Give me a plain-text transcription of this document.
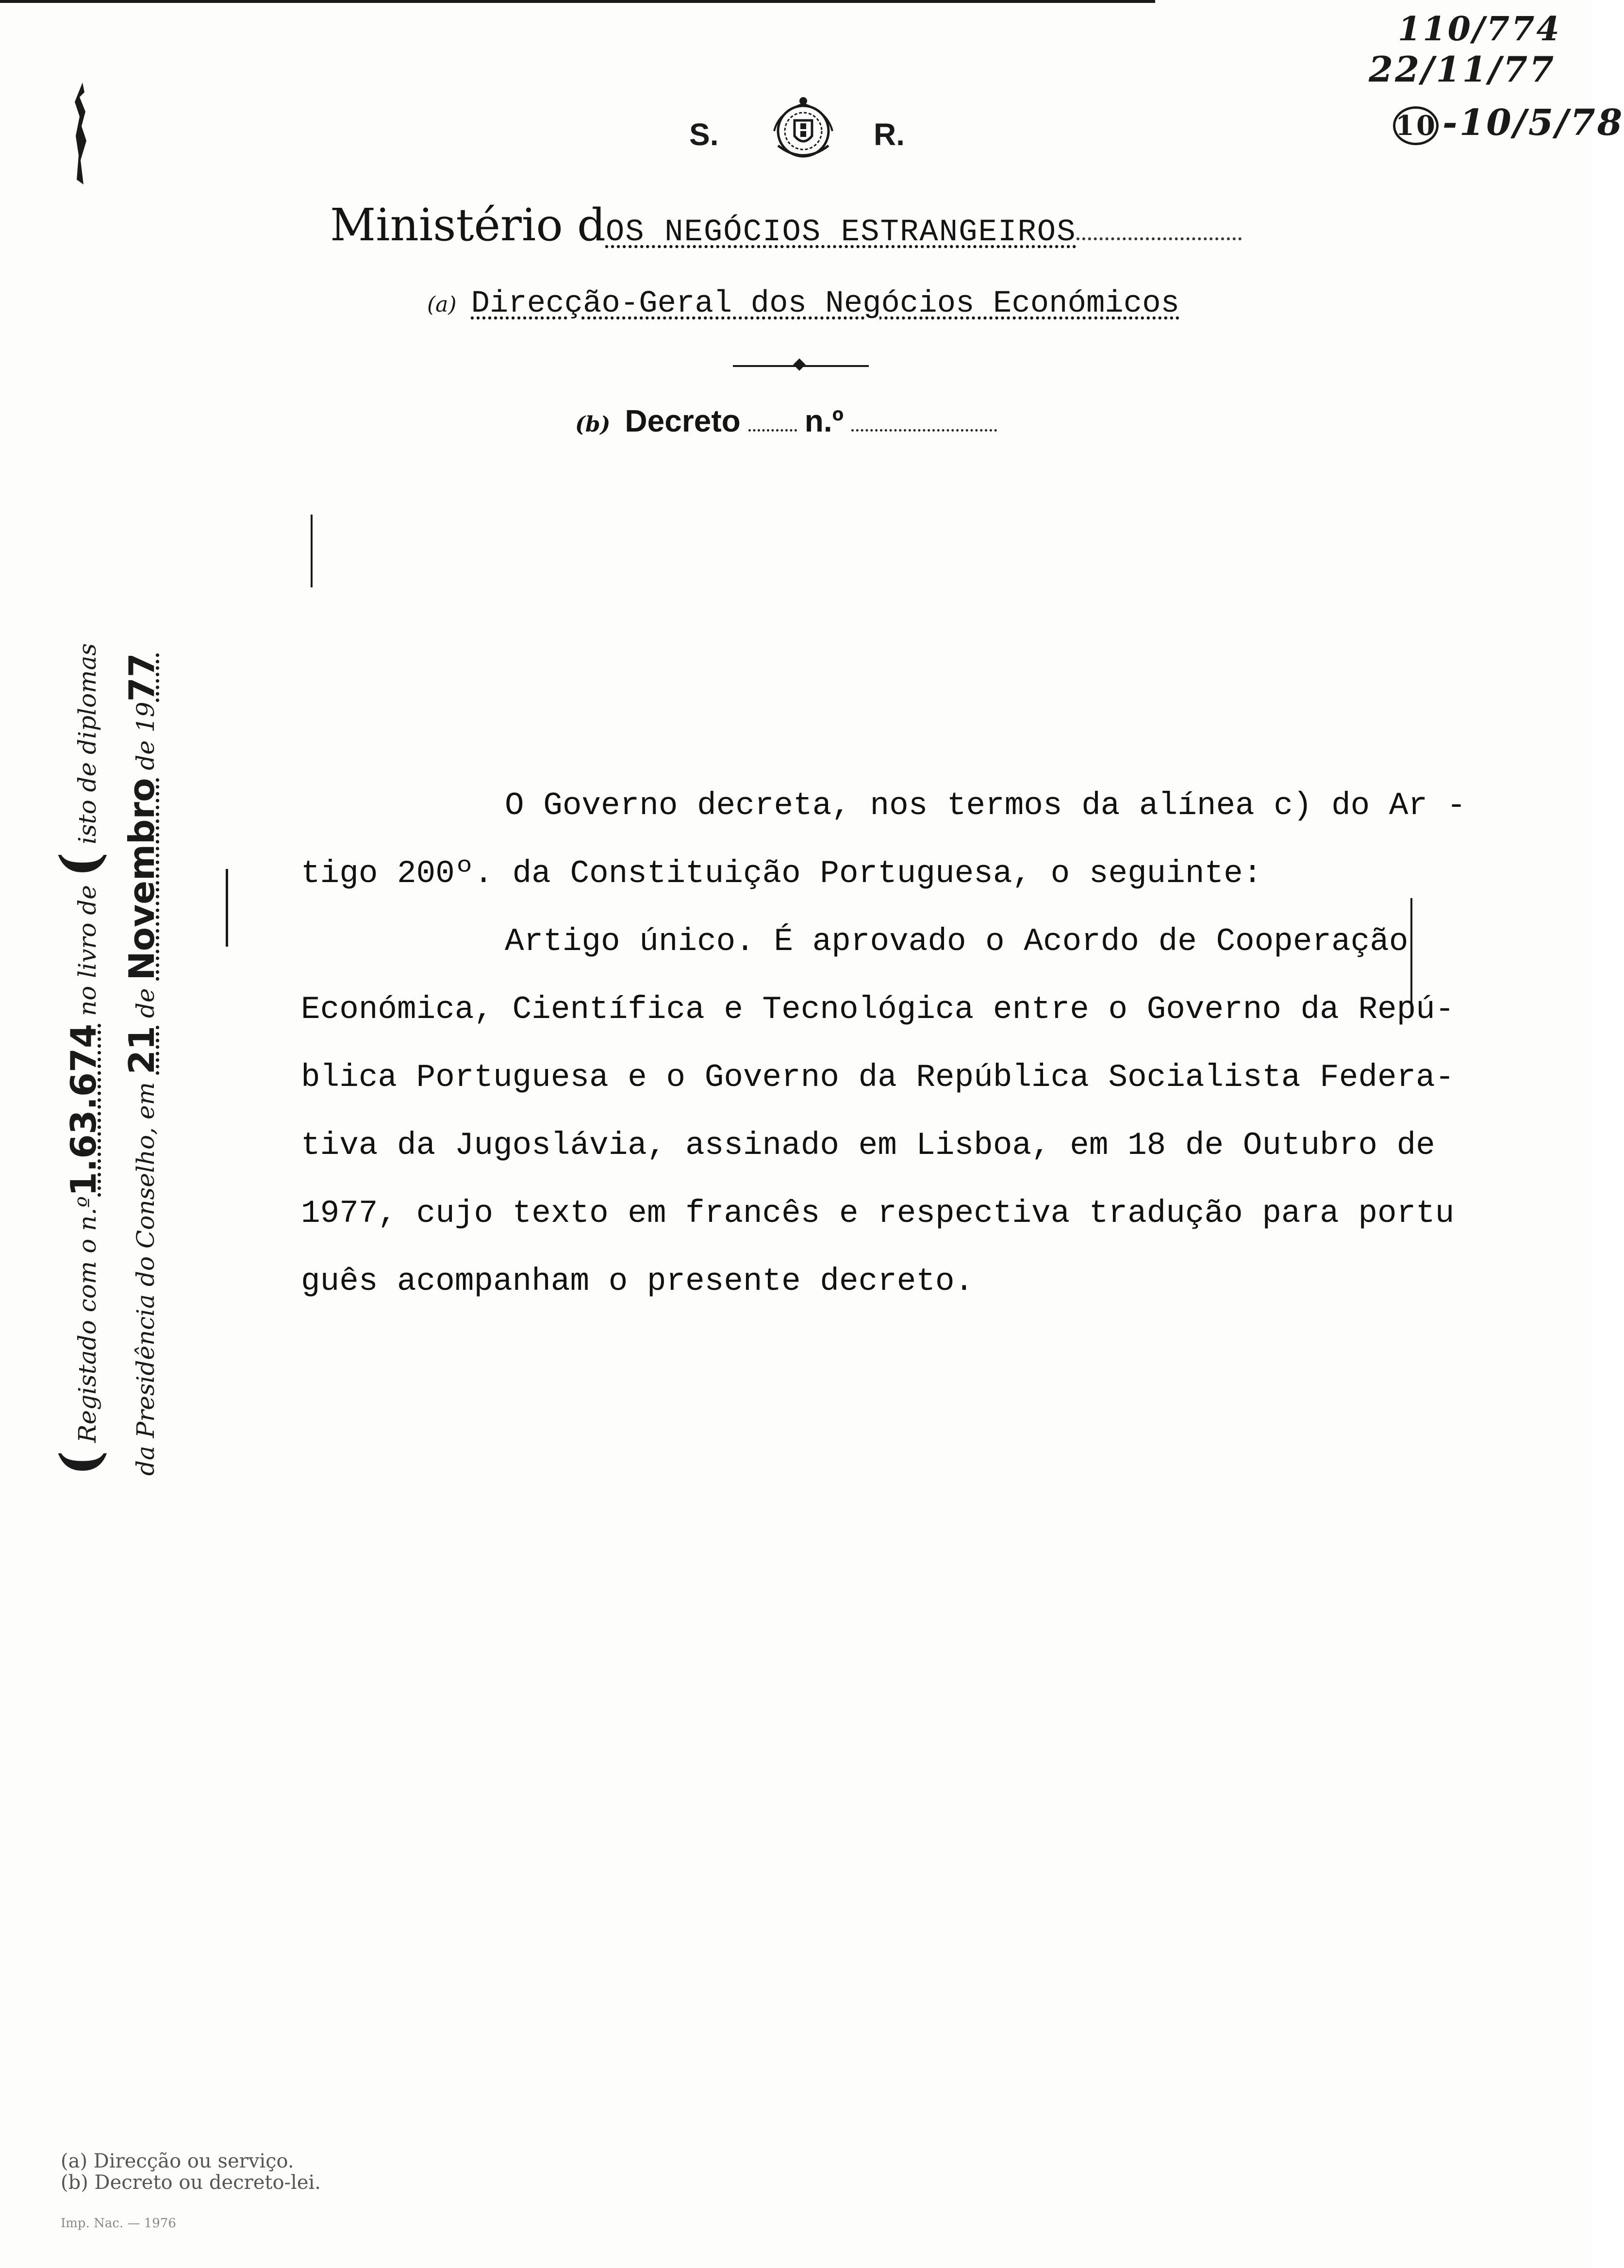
110/774
22/11/77
10 -10/5/78
S.	R.
Ministério dOS NEGÓCIOS ESTRANGEIROS
(a) Direcção-Geral dos Negócios Económicos
(b) Decreto n.º
( Registado com o n.º1.63.674 no livro de ( isto de diplomas
da Presidência do Conselho, em 21 de Novembro de 1977

O Governo decreta, nos termos da alínea c) do Ar -

tigo 200º. da Constituição Portuguesa, o seguinte:

Artigo único. É aprovado o Acordo de Cooperação

Económica, Científica e Tecnológica entre o Governo da Repú-

blica Portuguesa e o Governo da República Socialista Federa-

tiva da Jugoslávia, assinado em Lisboa, em 18 de Outubro de

1977, cujo texto em francês e respectiva tradução para portu

guês acompanham o presente decreto.

(a) Direcção ou serviço.
(b) Decreto ou decreto-lei.
Imp. Nac. — 1976
